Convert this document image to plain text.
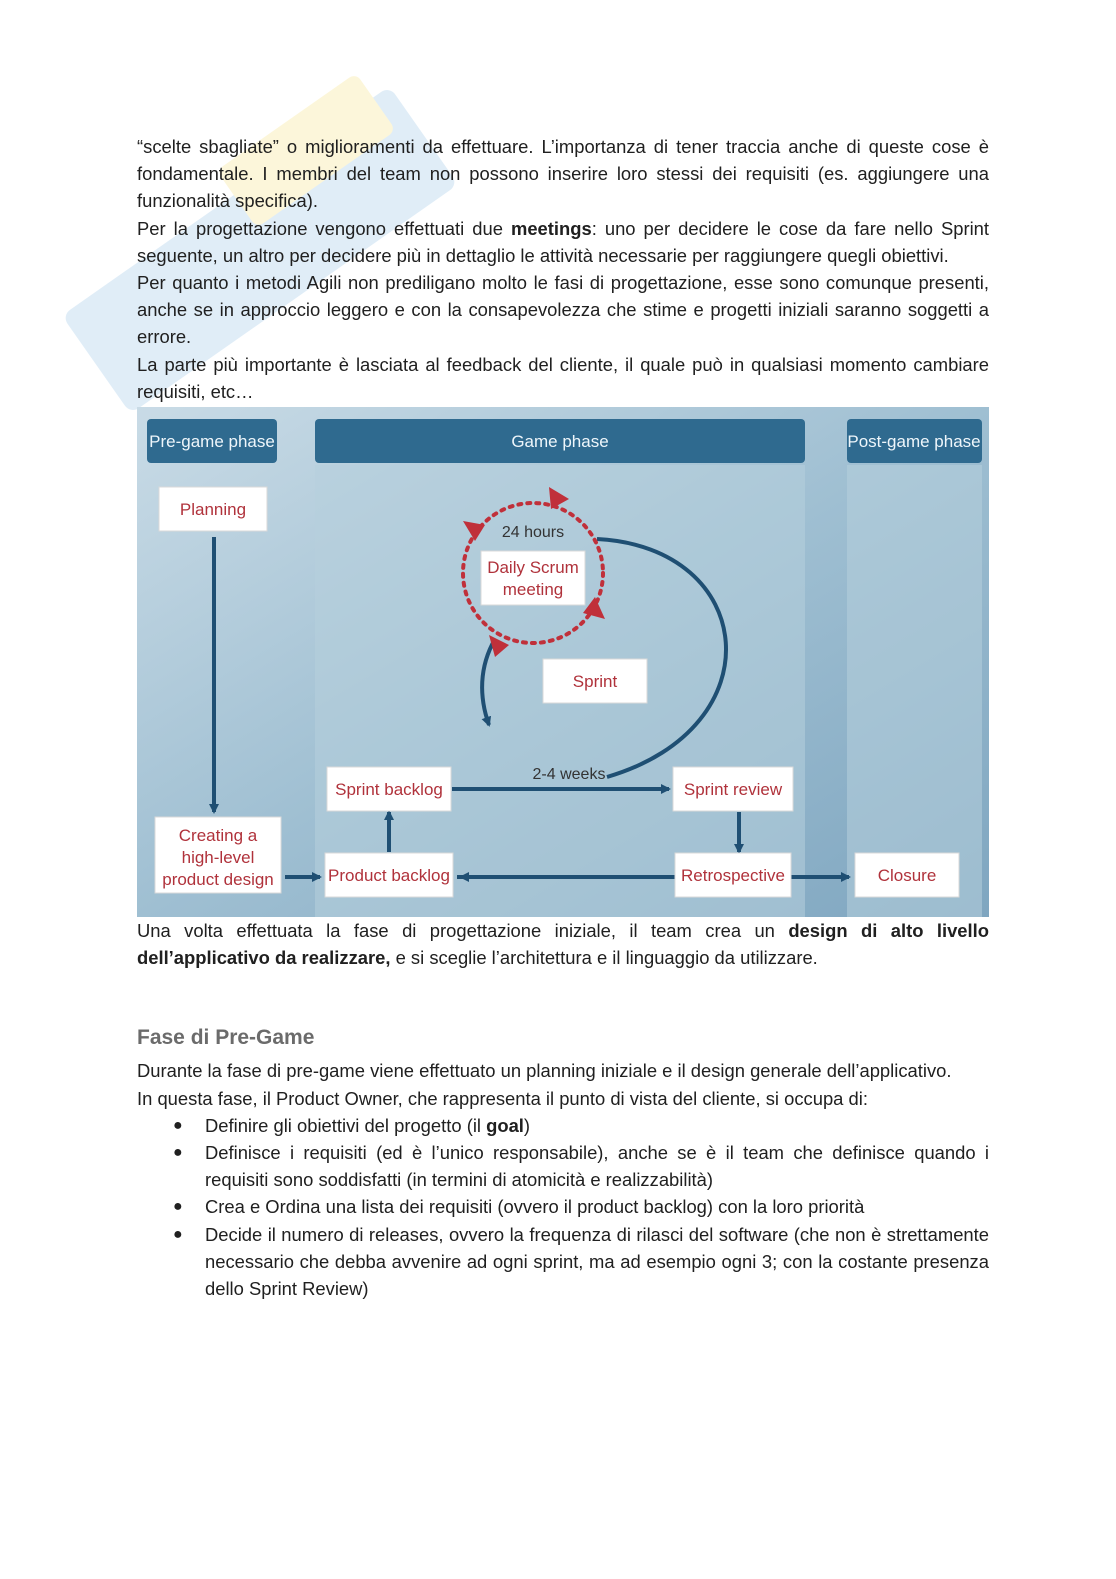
“scelte sbagliate” o miglioramenti da effettuare. L’importanza di tener traccia anche di queste cose è fondamentale. I membri del team non possono inserire loro stessi dei requisiti (es. aggiungere una funzionalità specifica).

Per la progettazione vengono effettuati due meetings: uno per decidere le cose da fare nello Sprint seguente, un altro per decidere più in dettaglio le attività necessarie per raggiungere quegli obiettivi.

Per quanto i metodi Agili non prediligano molto le fasi di progettazione, esse sono comunque presenti, anche se in approccio leggero e con la consapevolezza che stime e progetti iniziali saranno soggetti a errore.

La parte più importante è lasciata al feedback del cliente, il quale può in qualsiasi momento cambiare requisiti, etc…

Pre-game phase	Game phase	Post-game phase
24 hours
2-4 weeks
Planning
Creating a
high-level
product design	Product backlog
Sprint backlog
Daily Scrum
meeting
Sprint
Sprint review
Retrospective	Closure

Una volta effettuata la fase di progettazione iniziale, il team crea un design di alto livello dell’applicativo da realizzare, e si sceglie l’architettura e il linguaggio da utilizzare.

Fase di Pre-Game

Durante la fase di pre-game viene effettuato un planning iniziale e il design generale dell’applicativo.

In questa fase, il Product Owner, che rappresenta il punto di vista del cliente, si occupa di:

● Definire gli obiettivi del progetto (il goal)
● Definisce i requisiti (ed è l’unico responsabile), anche se è il team che definisce quando i requisiti sono soddisfatti (in termini di atomicità e realizzabilità)
● Crea e Ordina una lista dei requisiti (ovvero il product backlog) con la loro priorità
● Decide il numero di releases, ovvero la frequenza di rilasci del software (che non è strettamente necessario che debba avvenire ad ogni sprint, ma ad esempio ogni 3; con la costante presenza dello Sprint Review)
